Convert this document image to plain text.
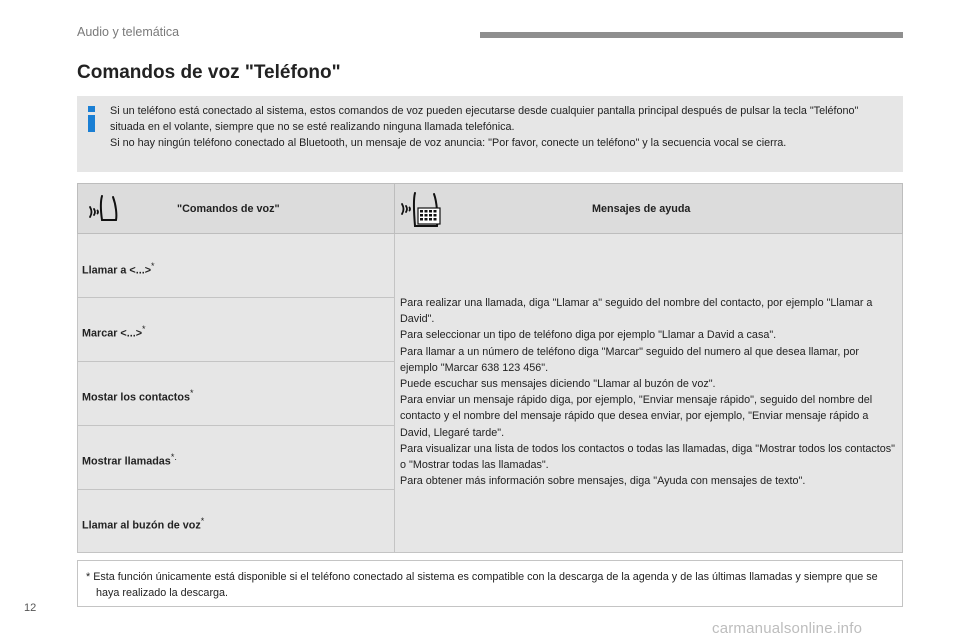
Audio y telemática
Comandos de voz "Teléfono"

Si un teléfono está conectado al sistema, estos comandos de voz pueden ejecutarse desde cualquier pantalla principal después de pulsar la tecla "Teléfono" situada en el volante, siempre que no se esté realizando ninguna llamada telefónica.

Si no hay ningún teléfono conectado al Bluetooth, un mensaje de voz anuncia: "Por favor, conecte un teléfono" y la secuencia vocal se cierra.

"Comandos de voz"	Mensajes de ayuda
Llamar a <...>*
Marcar <...>*
Mostar los contactos*
Mostrar llamadas*.
Llamar al buzón de voz*

Para realizar una llamada, diga "Llamar a" seguido del nombre del contacto, por ejemplo "Llamar a David".

Para seleccionar un tipo de teléfono diga por ejemplo "Llamar a David a casa".

Para llamar a un número de teléfono diga "Marcar" seguido del numero al que desea llamar, por ejemplo "Marcar 638 123 456".

Puede escuchar sus mensajes diciendo "Llamar al buzón de voz".

Para enviar un mensaje rápido diga, por ejemplo, "Enviar mensaje rápido", seguido del nombre del contacto y el nombre del mensaje rápido que desea enviar, por ejemplo, "Enviar mensaje rápido a David, Llegaré tarde".

Para visualizar una lista de todos los contactos o todas las llamadas, diga "Mostrar todos los contactos" o "Mostrar todas las llamadas".

Para obtener más información sobre mensajes, diga "Ayuda con mensajes de texto".

* Esta función únicamente está disponible si el teléfono conectado al sistema es compatible con la descarga de la agenda y de las últimas llamadas y siempre que se haya realizado la descarga.
12
carmanualsonline.info
